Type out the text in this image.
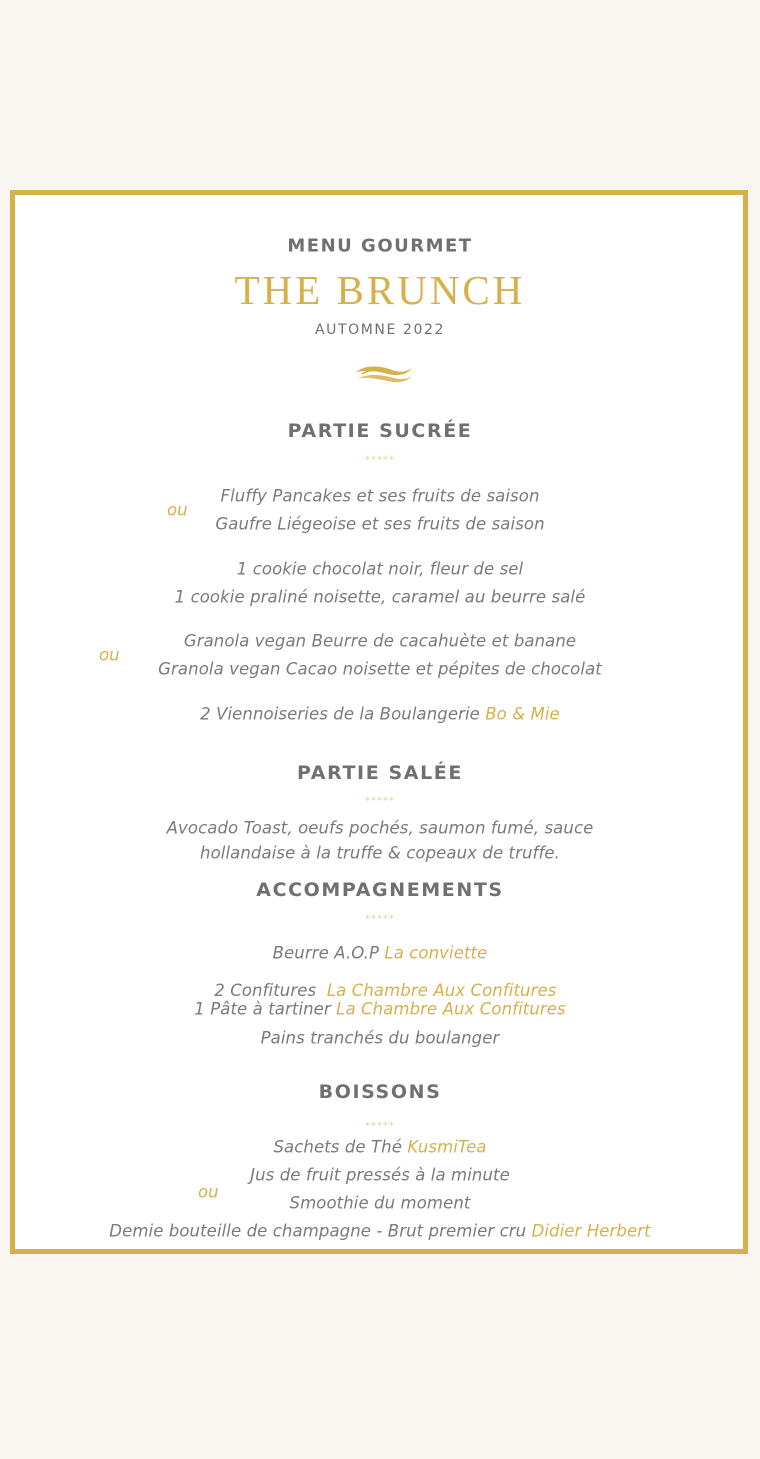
MENU GOURMET
THE BRUNCH
AUTOMNE 2022
PARTIE SUCRÉE
*****
ou
Fluffy Pancakes et ses fruits de saison
Gaufre Liégeoise et ses fruits de saison
1 cookie chocolat noir, fleur de sel
1 cookie praliné noisette, caramel au beurre salé
ou
Granola vegan Beurre de cacahuète et banane
Granola vegan Cacao noisette et pépites de chocolat
2 Viennoiseries de la Boulangerie Bo & Mie
PARTIE SALÉE
*****
Avocado Toast, oeufs pochés, saumon fumé, sauce
hollandaise à la truffe & copeaux de truffe.
ACCOMPAGNEMENTS
*****
Beurre A.O.P La conviette

2 Confitures  La Chambre Aux Confitures

1 Pâte à tartiner La Chambre Aux Confitures
Pains tranchés du boulanger
BOISSONS
*****
Sachets de Thé KusmiTea
ou
Jus de fruit pressés à la minute
Smoothie du moment
Demie bouteille de champagne - Brut premier cru Didier Herbert
